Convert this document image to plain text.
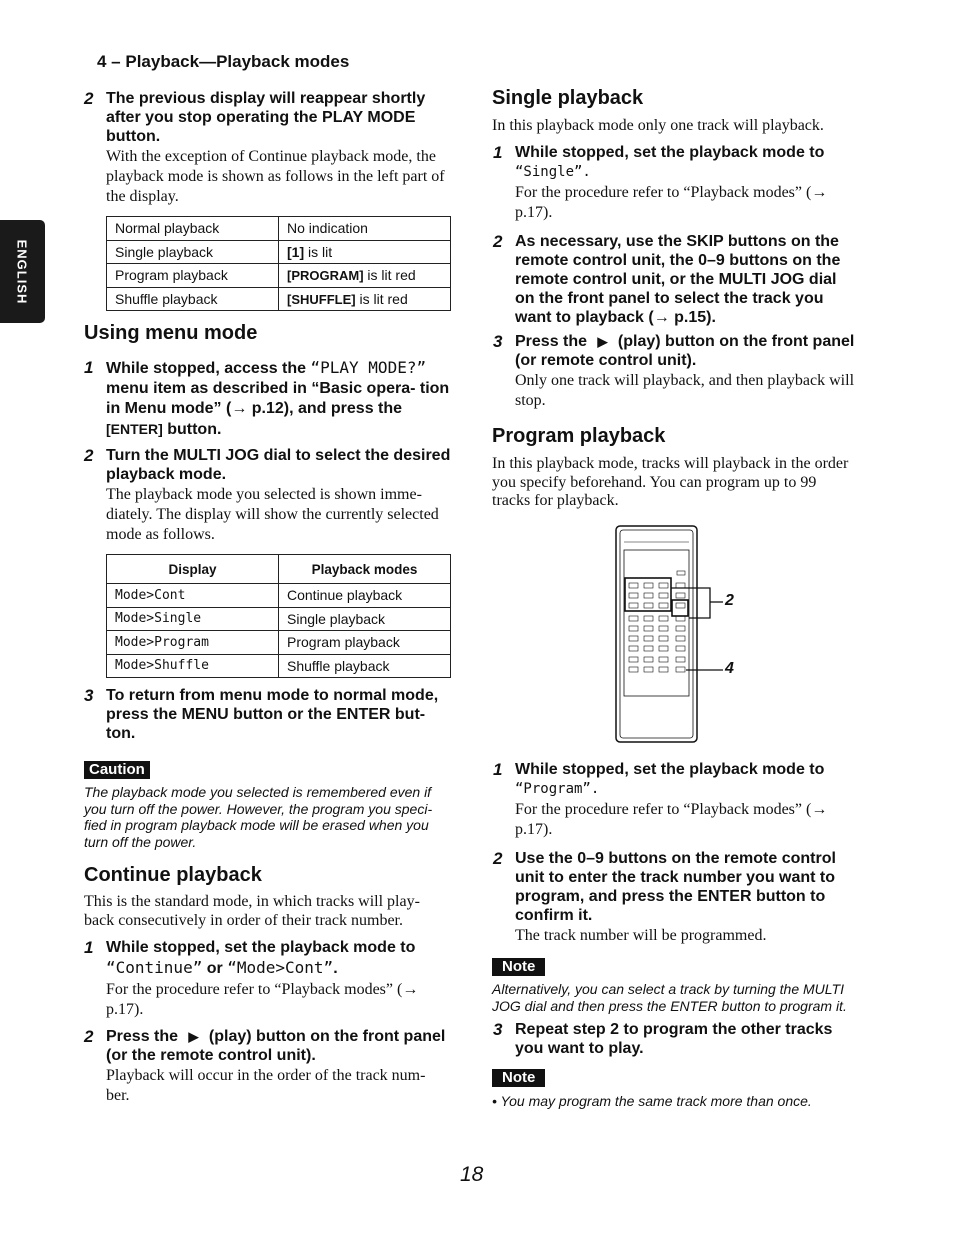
ENGLISH
4 – Playback—Playback modes
2 The previous display will reappear shortly after you stop operating the PLAY MODE button.
With the exception of Continue playback mode, the playback mode is shown as follows in the left part of the display.
Normal playback	No indication
Single playback	[1] is lit
Program playback	[PROGRAM] is lit red
Shuffle playback	[SHUFFLE] is lit red
Using menu mode
1 While stopped, access the “PLAY MODE?” menu item as described in “Basic opera- tion in Menu mode” (→ p.12), and press the [ENTER] button.
2 Turn the MULTI JOG dial to select the desired playback mode.
The playback mode you selected is shown imme- diately. The display will show the currently selected mode as follows.
Display	Playback modes
Mode>Cont	Continue playback
Mode>Single	Single playback
Mode>Program	Program playback
Mode>Shuffle	Shuffle playback
3 To return from menu mode to normal mode, press the MENU button or the ENTER but- ton.
Caution
The playback mode you selected is remembered even if you turn off the power. However, the program you speci- fied in program playback mode will be erased when you turn off the power.
Continue playback
This is the standard mode, in which tracks will play- back consecutively in order of their track number.
1 While stopped, set the playback mode to “Continue” or “Mode>Cont”.
For the procedure refer to “Playback modes” (→ p.17).
2 Press the ▶ (play) button on the front panel (or the remote control unit).
Playback will occur in the order of the track num- ber.
Single playback
In this playback mode only one track will playback.
1 While stopped, set the playback mode to
“Single”.
For the procedure refer to “Playback modes” (→ p.17).
2 As necessary, use the SKIP buttons on the remote control unit, the 0–9 buttons on the remote control unit, or the MULTI JOG dial on the front panel to select the track you want to playback (→ p.15).
3 Press the ▶ (play) button on the front panel (or remote control unit).
Only one track will playback, and then playback will stop.
Program playback
In this playback mode, tracks will playback in the order you specify beforehand. You can program up to 99 tracks for playback.
2
4
1 While stopped, set the playback mode to
“Program”.
For the procedure refer to “Playback modes” (→ p.17).
2 Use the 0–9 buttons on the remote control unit to enter the track number you want to program, and press the ENTER button to confirm it.
The track number will be programmed.
Note
Alternatively, you can select a track by turning the MULTI JOG dial and then press the ENTER button to program it.
3 Repeat step 2 to program the other tracks you want to play.
Note
• You may program the same track more than once.
18
